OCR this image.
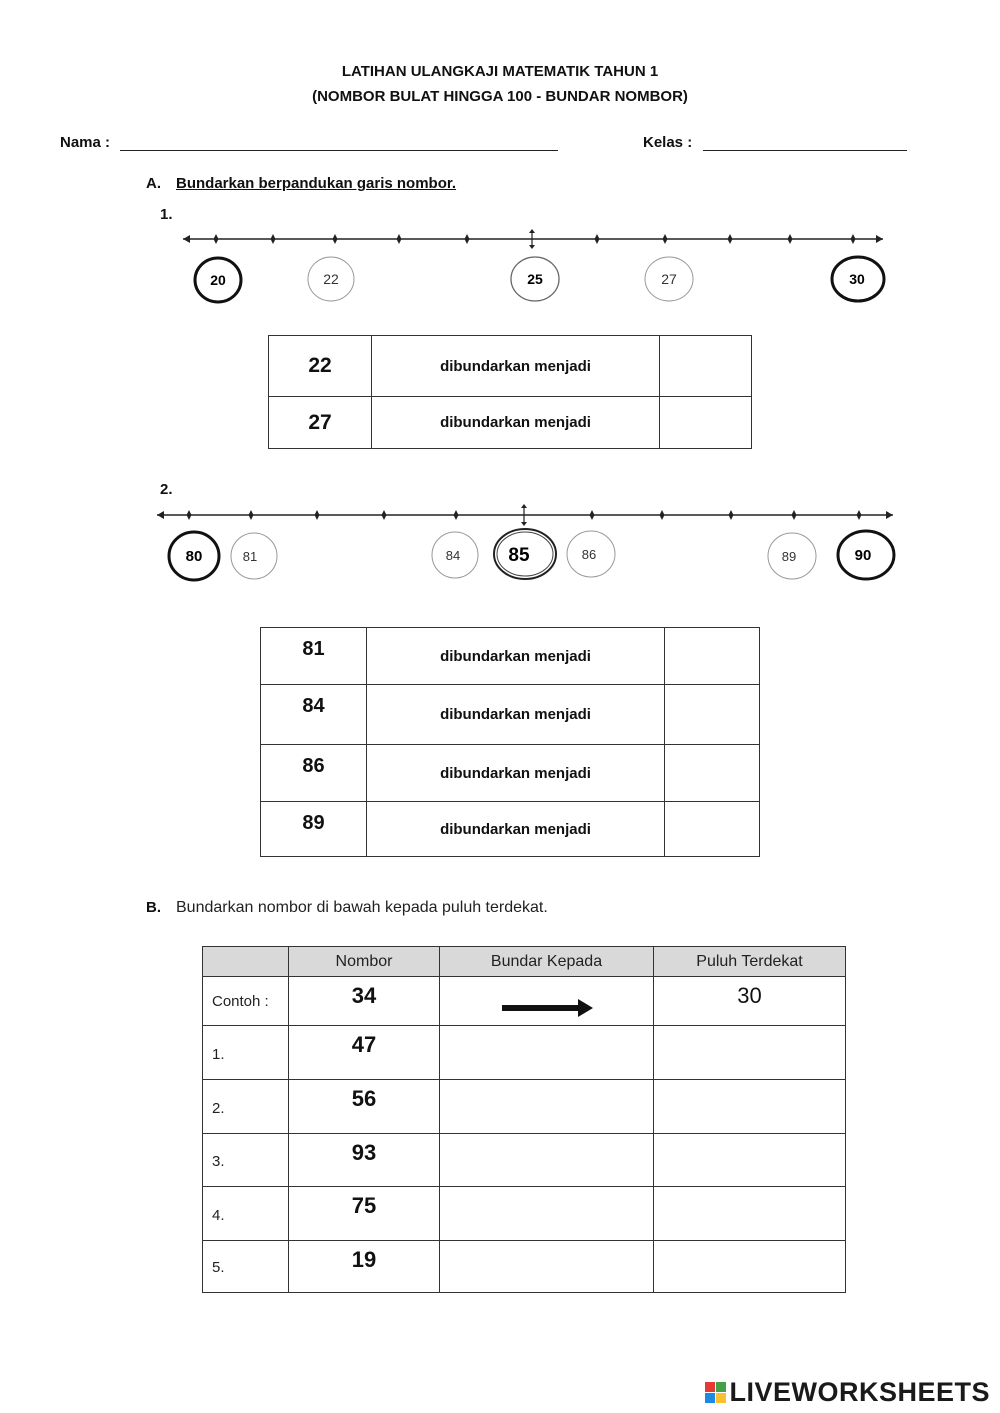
LATIHAN ULANGKAJI MATEMATIK TAHUN 1
(NOMBOR BULAT HINGGA 100 - BUNDAR NOMBOR)
Nama :	Kelas :
A. Bundarkan berpandukan garis nombor.
1.
20	22	25	27	30
22	dibundarkan menjadi	
27	dibundarkan menjadi	
2.
80	81	84	85	86	89	90
81	dibundarkan menjadi	
84	dibundarkan menjadi	
86	dibundarkan menjadi	
89	dibundarkan menjadi	
B. Bundarkan nombor di bawah kepada puluh terdekat.
	Nombor	Bundar Kepada	Puluh Terdekat
Contoh :	34		30
1.	47		
2.	56		
3.	93		
4.	75		
5.	19		
LIVEWORKSHEETS
